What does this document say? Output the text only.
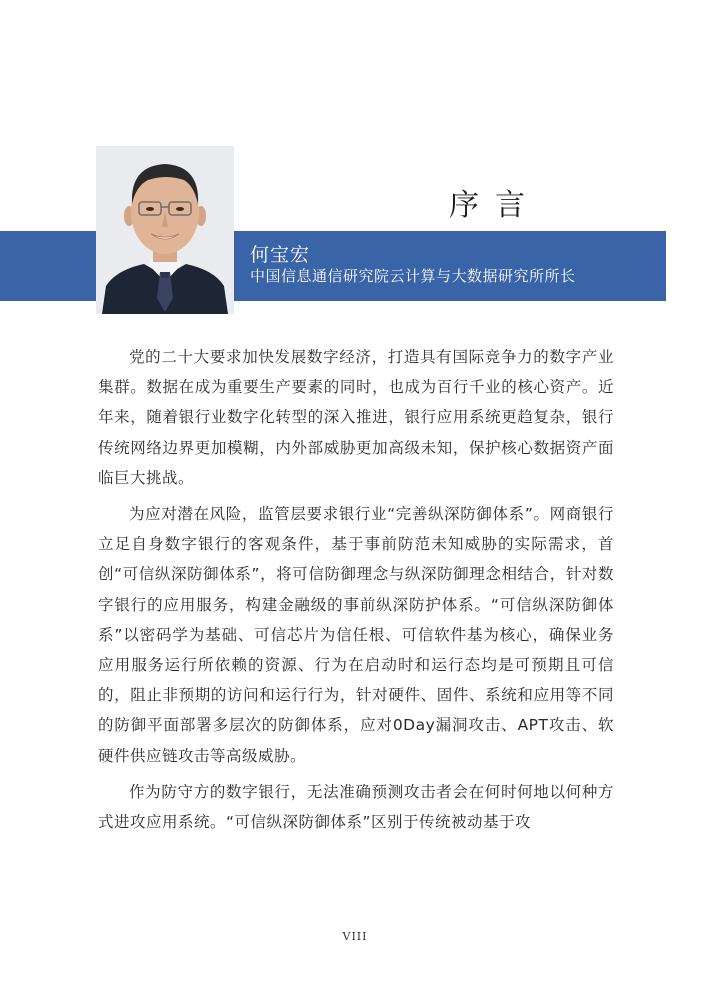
序言
何宝宏
中国信息通信研究院云计算与大数据研究所所长

党的二十大要求加快发展数字经济，打造具有国际竞争力的数字产业集群。数据在成为重要生产要素的同时，也成为百行千业的核心资产。近年来，随着银行业数字化转型的深入推进，银行应用系统更趋复杂，银行传统网络边界更加模糊，内外部威胁更加高级未知，保护核心数据资产面临巨大挑战。

为应对潜在风险，监管层要求银行业“完善纵深防御体系”。网商银行立足自身数字银行的客观条件，基于事前防范未知威胁的实际需求，首创“可信纵深防御体系”，将可信防御理念与纵深防御理念相结合，针对数字银行的应用服务，构建金融级的事前纵深防护体系。“可信纵深防御体系”以密码学为基础、可信芯片为信任根、可信软件基为核心，确保业务应用服务运行所依赖的资源、行为在启动时和运行态均是可预期且可信的，阻止非预期的访问和运行行为，针对硬件、固件、系统和应用等不同的防御平面部署多层次的防御体系，应对0Day漏洞攻击、APT攻击、软硬件供应链攻击等高级威胁。

作为防守方的数字银行，无法准确预测攻击者会在何时何地以何种方式进攻应用系统。“可信纵深防御体系”区别于传统被动基于攻

VIII
